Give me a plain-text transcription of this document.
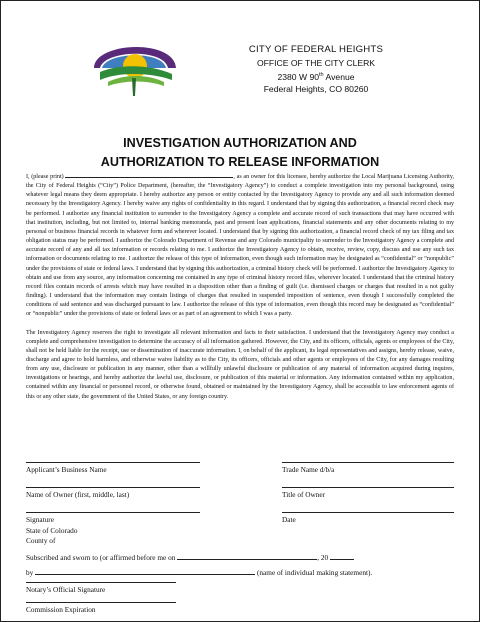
CITY OF FEDERAL HEIGHTS
OFFICE OF THE CITY CLERK
2380 W 90th Avenue
Federal Heights, CO 80260
INVESTIGATION AUTHORIZATION AND
AUTHORIZATION TO RELEASE INFORMATION

I, (please print)	, as an owner for this licensee, hereby authorize the Local Marijuana Licensing Authority, the City of Federal Heights (“City”) Police Department, (hereafter, the “Investigatory Agency”) to conduct a complete investigation into my personal background, using whatever legal means they deem appropriate. I hereby authorize any person or entity contacted by the Investigatory Agency to provide any and all such information deemed necessary by the Investigatory Agency. I hereby waive any rights of confidentiality in this regard. I understand that by signing this authorization, a financial record check may be performed. I authorize any financial institution to surrender to the Investigatory Agency a complete and accurate record of such transactions that may have occurred with that institution, including, but not limited to, internal banking memoranda, past and present loan applications, financial statements and any other documents relating to my personal or business financial records in whatever form and wherever located. I understand that by signing this authorization, a financial record check of my tax filing and tax obligation status may be performed. I authorize the Colorado Department of Revenue and any Colorado municipality to surrender to the Investigatory Agency a complete and accurate record of any and all tax information or records relating to me. I authorize the Investigatory Agency to obtain, receive, review, copy, discuss and use any such tax information or documents relating to me. I authorize the release of this type of information, even though such information may be designated as “confidential” or “nonpublic” under the provisions of state or federal laws. I understand that by signing this authorization, a criminal history check will be performed. I authorize the Investigatory Agency to obtain and use from any source, any information concerning me contained in any type of criminal history record files, wherever located. I understand that the criminal history record files contain records of arrests which may have resulted in a disposition other than a finding of guilt (i.e. dismissed charges or charges that resulted in a not guilty finding). I understand that the information may contain listings of charges that resulted in suspended imposition of sentence, even though I successfully completed the conditions of said sentence and was discharged pursuant to law. I authorize the release of this type of information, even though this record may be designated as “confidential” or “nonpublic” under the provisions of state or federal laws or as part of an agreement to which I was a party.

The Investigatory Agency reserves the right to investigate all relevant information and facts to their satisfaction. I understand that the Investigatory Agency may conduct a complete and comprehensive investigation to determine the accuracy of all information gathered. However, the City, and its officers, officials, agents or employees of the City, shall not be held liable for the receipt, use or dissemination of inaccurate information. I, on behalf of the applicant, its legal representatives and assigns, hereby release, waive, discharge and agree to hold harmless, and otherwise waive liability as to the City, its officers, officials and other agents or employees of the City, for any damages resulting from any use, disclosure or publication in any manner, other than a willfully unlawful disclosure or publication of any material of information acquired during inquires, investigations or hearings, and hereby authorize the lawful use, disclosure, or publication of this material or information. Any information contained within my application, contained within any financial or personnel record, or otherwise found, obtained or maintained by the Investigatory Agency, shall be accessible to law enforcement agents of this or any other state, the government of the United States, or any foreign country.

Applicant’s Business Name	Trade Name d/b/a
Name of Owner (first, middle, last)	Title of Owner
Signature	Date
State of Colorado
County of
Subscribed and sworn to (or affirmed before me on	, 20
by	(name of individual making statement).
Notary’s Official Signature
Commission Expiration
